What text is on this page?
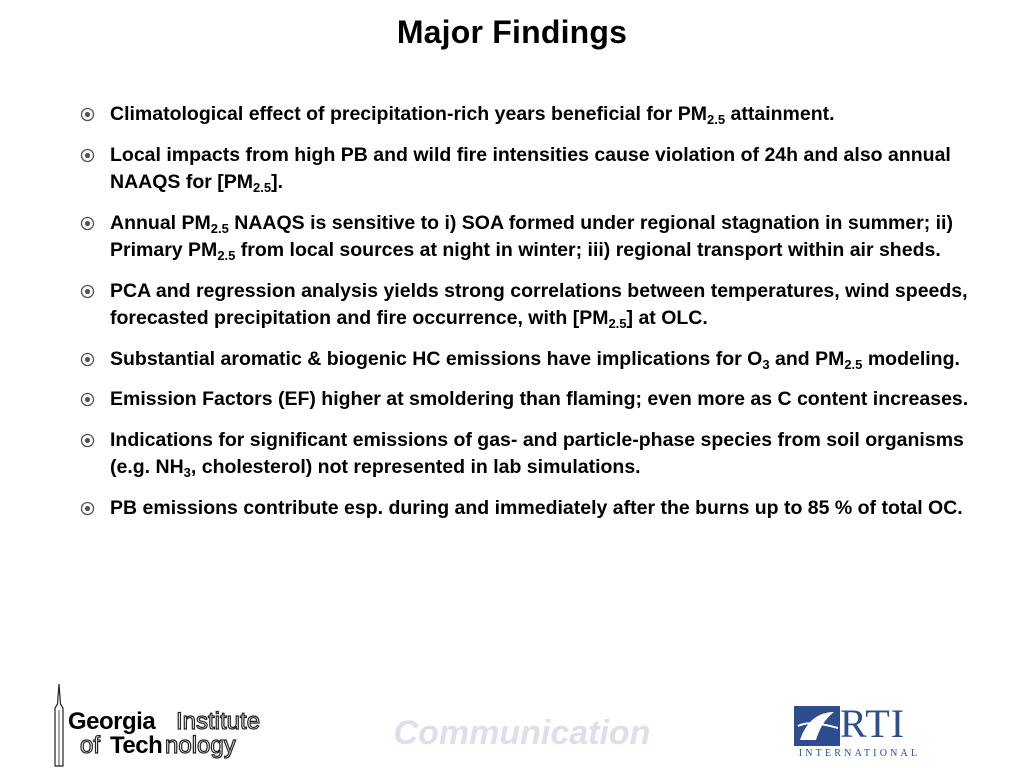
Major Findings
Climatological effect of precipitation-rich years beneficial for $PM_{2.5}$ attainment.
Local impacts from high PB and wild fire intensities cause violation of 24h and also annual NAAQS for $[PM_{2.5}]$.
Annual $PM_{2.5}$ NAAQS is sensitive to i) SOA formed under regional stagnation in summer; ii) Primary $PM_{2.5}$ from local sources at night in winter; iii) regional transport within air sheds.
PCA and regression analysis yields strong correlations between temperatures, wind speeds, forecasted precipitation and fire occurrence, with $[PM_{2.5}]$ at OLC.
Substantial aromatic & biogenic HC emissions have implications for $O_3$ and $PM_{2.5}$ modeling.
Emission Factors (EF) higher at smoldering than flaming; even more as C content increases.
Indications for significant emissions of gas- and particle-phase species from soil organisms (e.g. $NH_3$, cholesterol) not represented in lab simulations.
PB emissions contribute esp. during and immediately after the burns up to 85 % of total OC.
Georgia Institute
of Tech nology	Communication	RTI
INTERNATIONAL
